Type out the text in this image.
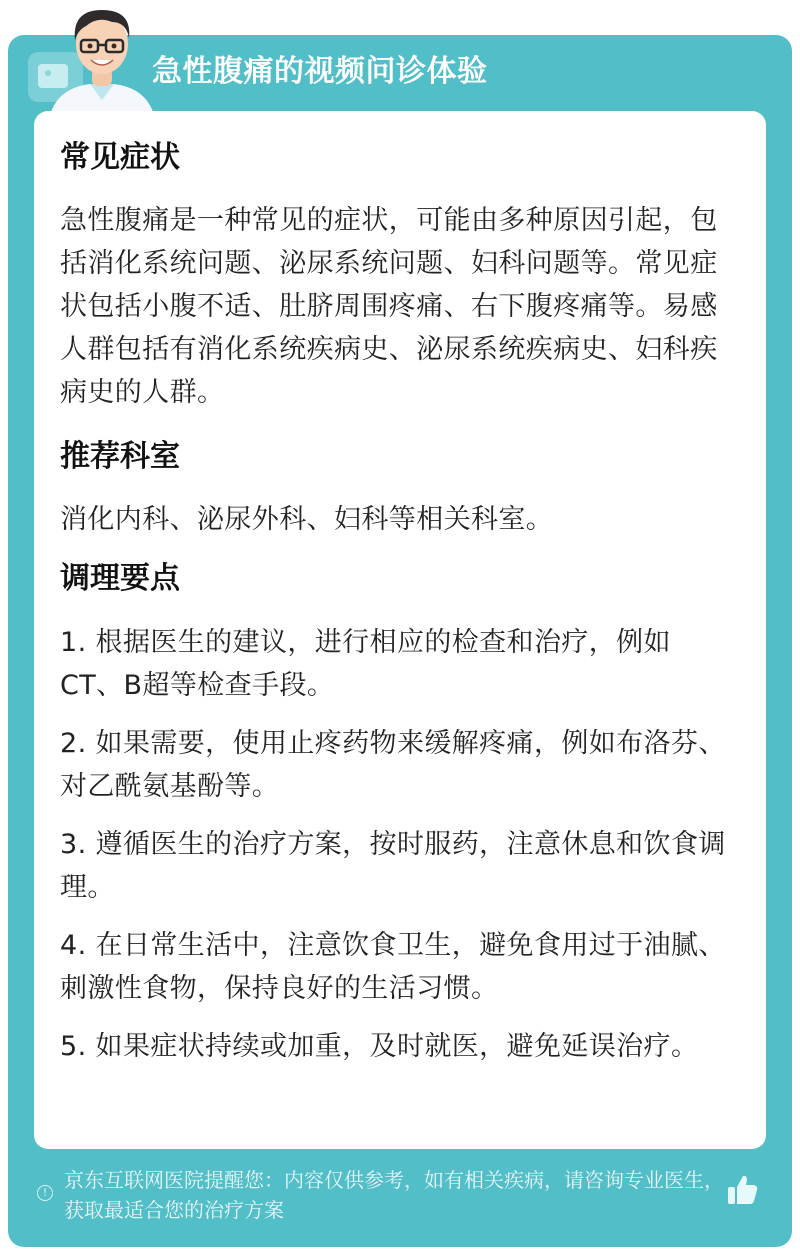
急性腹痛的视频问诊体验
常见症状
急性腹痛是一种常见的症状，可能由多种原因引起，包括消化系统问题、泌尿系统问题、妇科问题等。常见症状包括小腹不适、肚脐周围疼痛、右下腹疼痛等。易感人群包括有消化系统疾病史、泌尿系统疾病史、妇科疾病史的人群。
推荐科室
消化内科、泌尿外科、妇科等相关科室。
调理要点
1. 根据医生的建议，进行相应的检查和治疗，例如CT、B超等检查手段。
2. 如果需要，使用止疼药物来缓解疼痛，例如布洛芬、对乙酰氨基酚等。
3. 遵循医生的治疗方案，按时服药，注意休息和饮食调理。
4. 在日常生活中，注意饮食卫生，避免食用过于油腻、刺激性食物，保持良好的生活习惯。
5. 如果症状持续或加重，及时就医，避免延误治疗。
!
京东互联网医院提醒您：内容仅供参考，如有相关疾病，请咨询专业医生，获取最适合您的治疗方案
